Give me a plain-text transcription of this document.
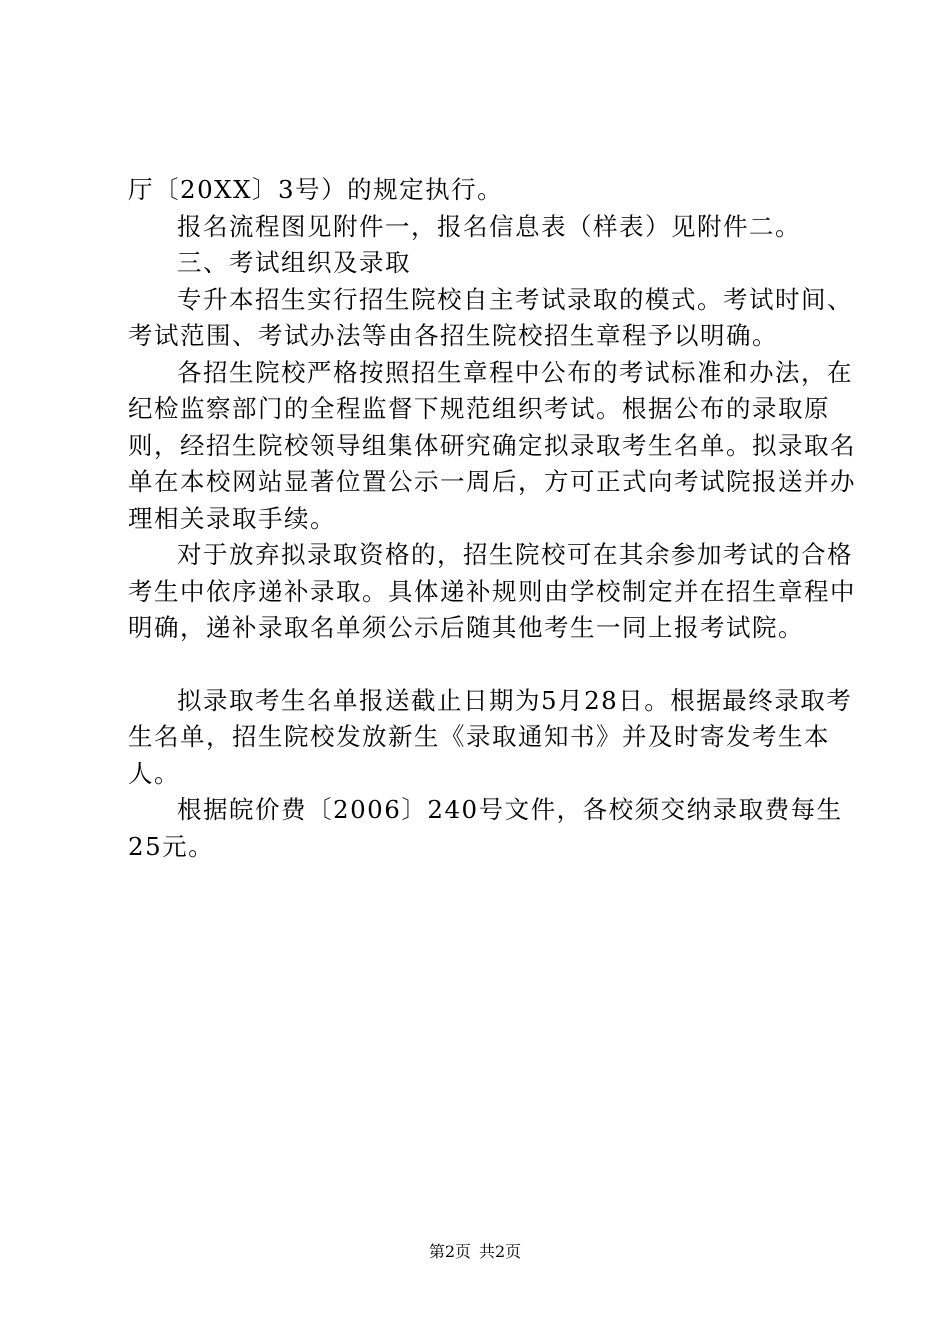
厅〔20XX〕3号）的规定执行。

报名流程图见附件一，报名信息表（样表）见附件二。

三、考试组织及录取

专升本招生实行招生院校自主考试录取的模式。考试时间、考试范围、考试办法等由各招生院校招生章程予以明确。

各招生院校严格按照招生章程中公布的考试标准和办法，在纪检监察部门的全程监督下规范组织考试。根据公布的录取原则，经招生院校领导组集体研究确定拟录取考生名单。拟录取名单在本校网站显著位置公示一周后，方可正式向考试院报送并办理相关录取手续。

对于放弃拟录取资格的，招生院校可在其余参加考试的合格考生中依序递补录取。具体递补规则由学校制定并在招生章程中明确，递补录取名单须公示后随其他考生一同上报考试院。

拟录取考生名单报送截止日期为5月28日。根据最终录取考生名单，招生院校发放新生《录取通知书》并及时寄发考生本人。

根据皖价费〔2006〕240号文件，各校须交纳录取费每生25元。

第2页 共2页
